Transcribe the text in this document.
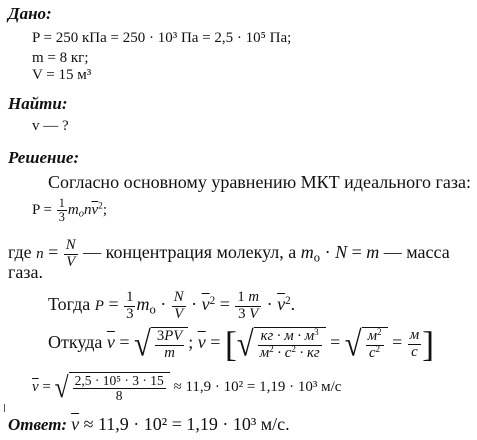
Дано:
P = 250 кПа = 250 · 10³ Па = 2,5 · 10⁵ Па;
m = 8 кг;
V = 15 м³
Найти:
v — ?
Решение:
Согласно основному уравнению МКТ идеального газа:
$P = \frac{1}{3} m_on\overline{v}^2$;
где $n = \frac{N}{V}$ — концентрация молекул, а $m_o \cdot N = m$ — масса
газа.
Тогда $P = \frac{1}{3} m_o \cdot \frac{N}{V} \cdot \overline{v}^2 = \frac{1 m}{3 V} \cdot \overline{v}^2$.
Откуда $\overline{v}$ = √ $\frac{3PV}{m}$ ; $\overline{v}$ = [ √ $\frac{кг \cdot м \cdot м^3}{м^2 \cdot с^2 \cdot кг}$ = √ $\frac{м^2}{с^2} = \frac{м}{с}$ ]
$\overline{v}$ = √ $\frac{\text{2,5 · 10⁵ · 3 · 15}}{8} \approx 11,9 \cdot 10^2 = 1,19 \cdot 10^3$ м/с
Ответ: $\overline{v} \approx 11,9 \cdot 10^2 = 1,19 \cdot 10^3$ м/с.
